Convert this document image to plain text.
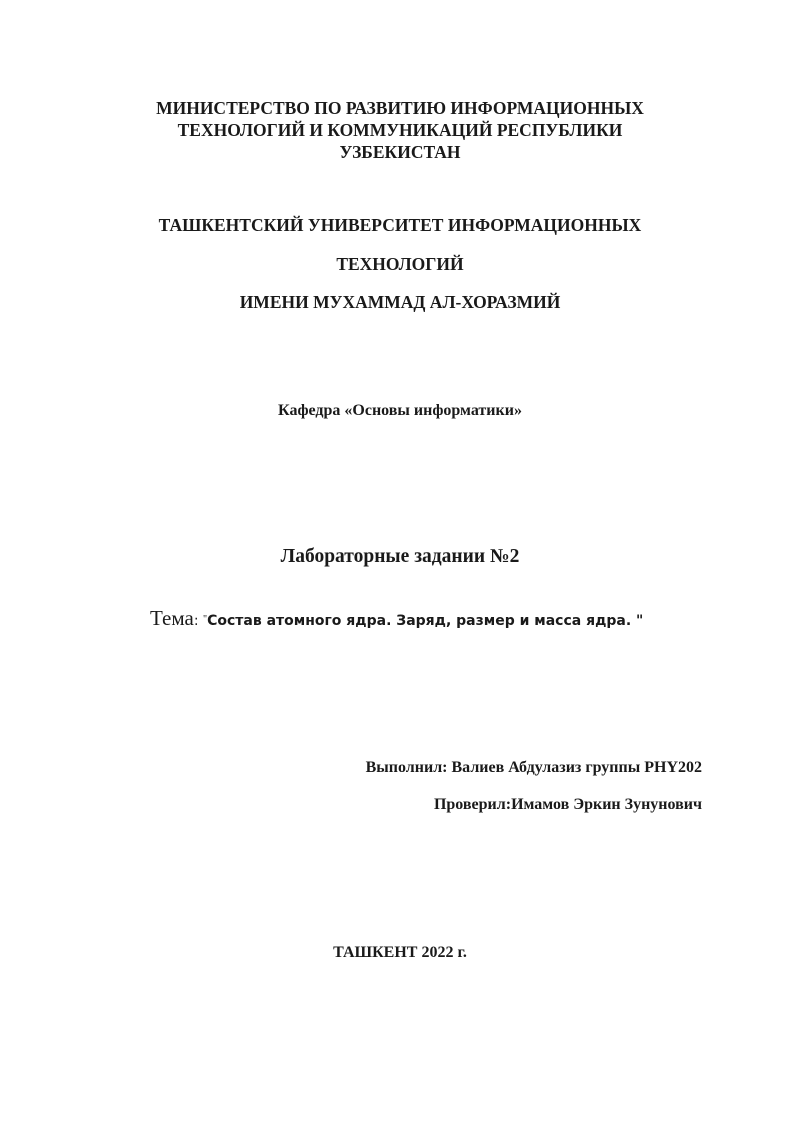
МИНИСТЕРСТВО ПО РАЗВИТИЮ ИНФОРМАЦИОННЫХ
ТЕХНОЛОГИЙ И КОММУНИКАЦИЙ РЕСПУБЛИКИ
УЗБЕКИСТАН
ТАШКЕНТСКИЙ УНИВЕРСИТЕТ ИНФОРМАЦИОННЫХ
ТЕХНОЛОГИЙ
ИМЕНИ МУХАММАД АЛ-ХОРАЗМИЙ
Кафедра «Основы информатики»
Лабораторные задании №2
Тема: "Состав атомного ядра. Заряд, размер и масса ядра. "
Выполнил: Валиев Абдулазиз группы PHY202
Проверил:Имамов Эркин Зунунович
ТАШКЕНТ 2022 г.
